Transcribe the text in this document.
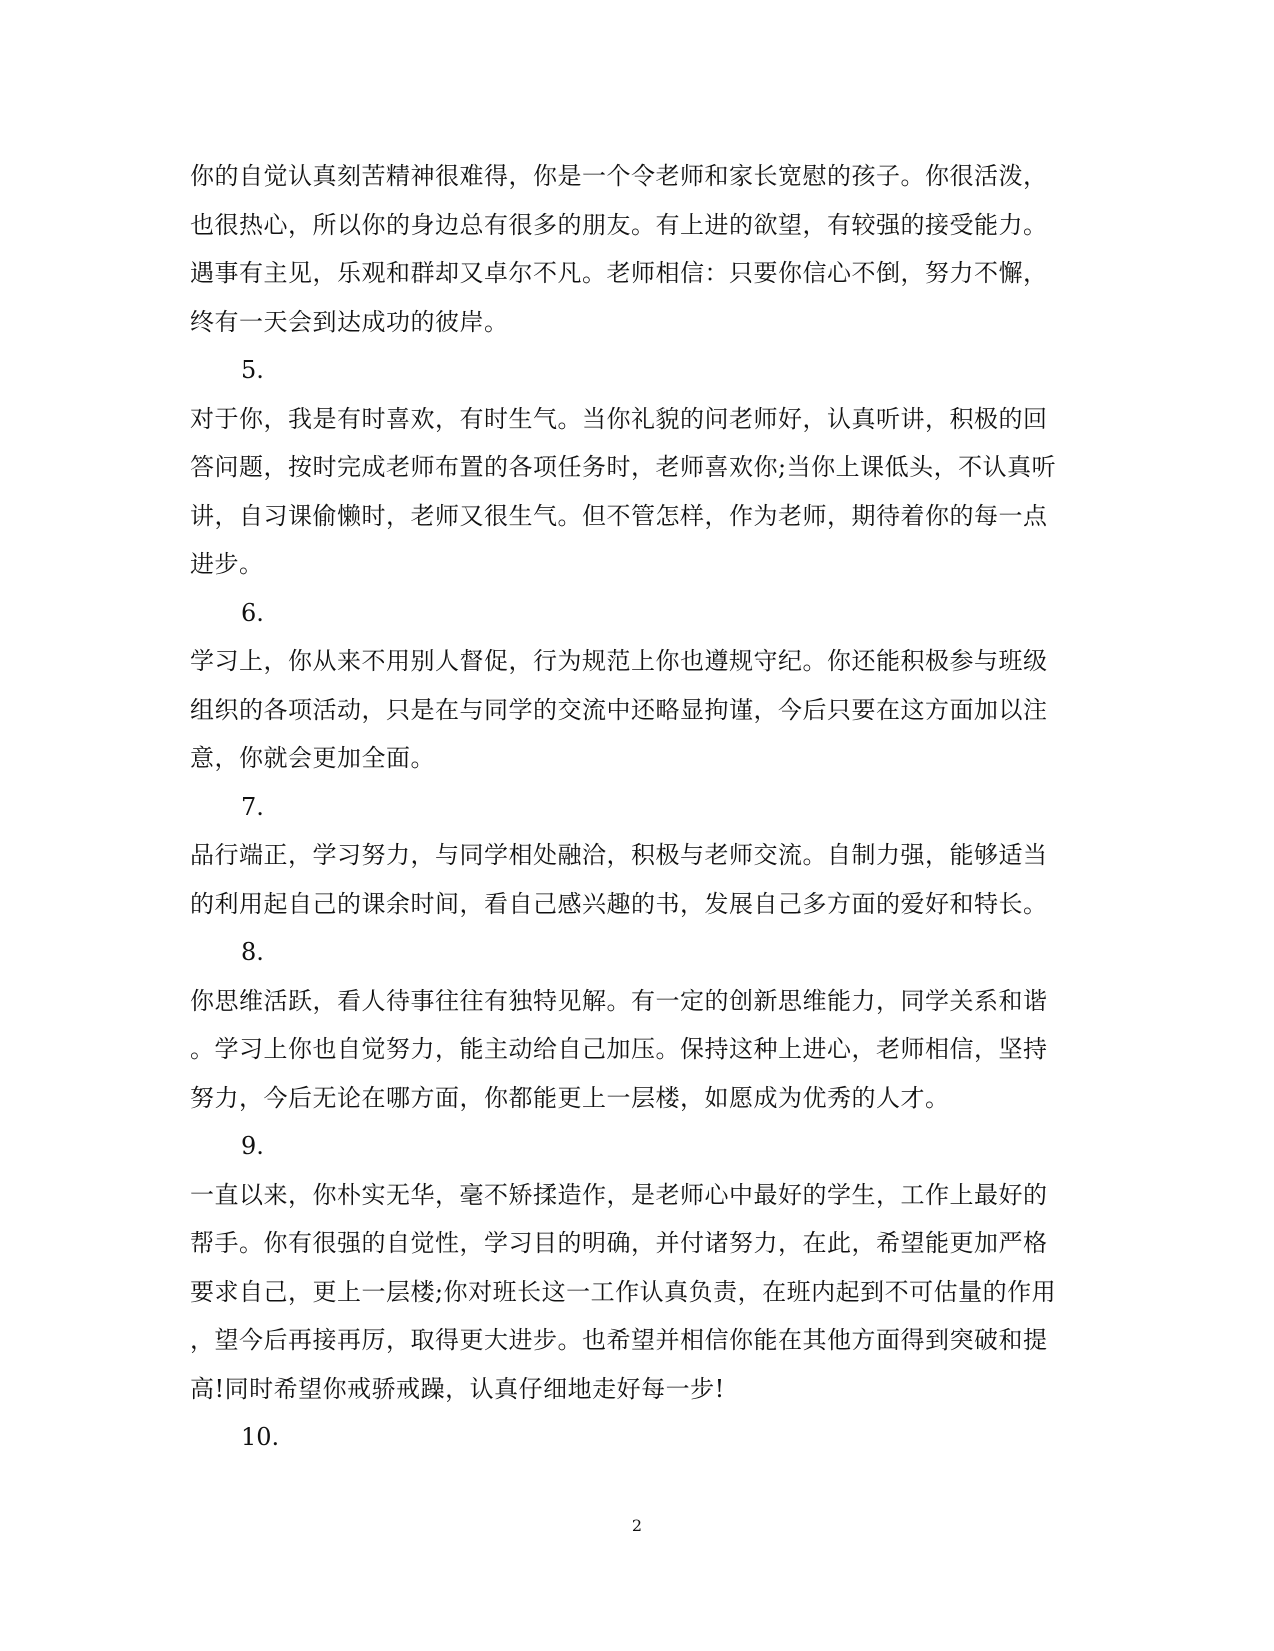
你的自觉认真刻苦精神很难得，你是一个令老师和家长宽慰的孩子。你很活泼，
也很热心，所以你的身边总有很多的朋友。有上进的欲望，有较强的接受能力。
遇事有主见，乐观和群却又卓尔不凡。老师相信：只要你信心不倒，努力不懈，
终有一天会到达成功的彼岸。
5.
对于你，我是有时喜欢，有时生气。当你礼貌的问老师好，认真听讲，积极的回
答问题，按时完成老师布置的各项任务时，老师喜欢你;当你上课低头，不认真听
讲，自习课偷懒时，老师又很生气。但不管怎样，作为老师，期待着你的每一点
进步。
6.
学习上，你从来不用别人督促，行为规范上你也遵规守纪。你还能积极参与班级
组织的各项活动，只是在与同学的交流中还略显拘谨，今后只要在这方面加以注
意，你就会更加全面。
7.
品行端正，学习努力，与同学相处融洽，积极与老师交流。自制力强，能够适当
的利用起自己的课余时间，看自己感兴趣的书，发展自己多方面的爱好和特长。
8.
你思维活跃，看人待事往往有独特见解。有一定的创新思维能力，同学关系和谐
。学习上你也自觉努力，能主动给自己加压。保持这种上进心，老师相信，坚持
努力，今后无论在哪方面，你都能更上一层楼，如愿成为优秀的人才。
9.
一直以来，你朴实无华，毫不矫揉造作，是老师心中最好的学生，工作上最好的
帮手。你有很强的自觉性，学习目的明确，并付诸努力，在此，希望能更加严格
要求自己，更上一层楼;你对班长这一工作认真负责，在班内起到不可估量的作用
，望今后再接再厉，取得更大进步。也希望并相信你能在其他方面得到突破和提
高!同时希望你戒骄戒躁，认真仔细地走好每一步!
10.
2
